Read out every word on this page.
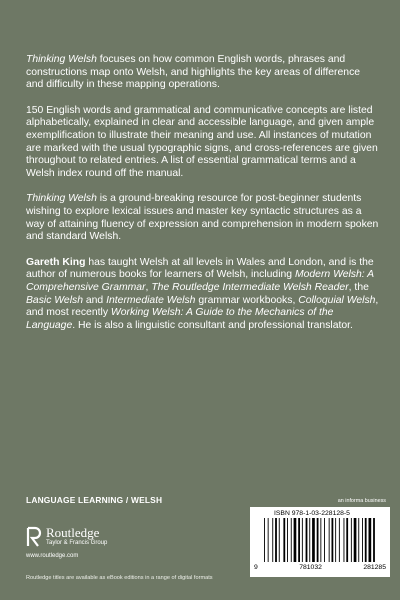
Thinking Welsh focuses on how common English words, phrases and constructions map onto Welsh, and highlights the key areas of difference and difficulty in these mapping operations.

150 English words and grammatical and communicative concepts are listed alphabetically, explained in clear and accessible language, and given ample exemplification to illustrate their meaning and use. All instances of mutation are marked with the usual typographic signs, and cross-references are given throughout to related entries. A list of essential grammatical terms and a Welsh index round off the manual.

Thinking Welsh is a ground-breaking resource for post-beginner students wishing to explore lexical issues and master key syntactic structures as a way of attaining fluency of expression and comprehension in modern spoken and standard Welsh.

Gareth King has taught Welsh at all levels in Wales and London, and is the author of numerous books for learners of Welsh, including Modern Welsh: A Comprehensive Grammar, The Routledge Intermediate Welsh Reader, the Basic Welsh and Intermediate Welsh grammar workbooks, Colloquial Welsh, and most recently Working Welsh: A Guide to the Mechanics of the Language. He is also a linguistic consultant and professional translator.

LANGUAGE LEARNING / WELSH
Routledge
Taylor & Francis Group
www.routledge.com
an informa business
ISBN 978-1-03-228128-5
9	781032	281285
Routledge titles are available as eBook editions in a range of digital formats
